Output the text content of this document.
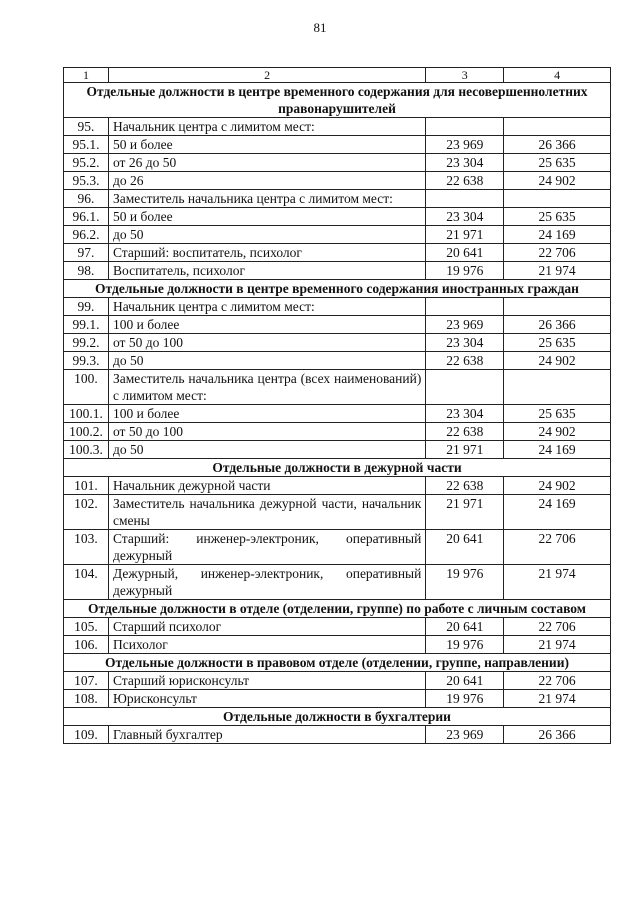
81
1	2	3	4
Отдельные должности в центре временного содержания для несовершеннолетних правонарушителей			
95.	Начальник центра с лимитом мест:		
95.1.	50 и более	23 969	26 366
95.2.	от 26 до 50	23 304	25 635
95.3.	до 26	22 638	24 902
96.	Заместитель начальника центра с лимитом мест:		
96.1.	50 и более	23 304	25 635
96.2.	до 50	21 971	24 169
97.	Старший: воспитатель, психолог	20 641	22 706
98.	Воспитатель, психолог	19 976	21 974
Отдельные должности в центре временного содержания иностранных граждан			
99.	Начальник центра с лимитом мест:		
99.1.	100 и более	23 969	26 366
99.2.	от 50 до 100	23 304	25 635
99.3.	до 50	22 638	24 902
100.	Заместитель начальника центра (всех наименований) с лимитом мест:		
100.1.	100 и более	23 304	25 635
100.2.	от 50 до 100	22 638	24 902
100.3.	до 50	21 971	24 169
Отдельные должности в дежурной части			
101.	Начальник дежурной части	22 638	24 902
102.	Заместитель начальника дежурной части, начальник смены	21 971	24 169
103.	Старший: инженер-электроник, оперативный дежурный	20 641	22 706
104.	Дежурный, инженер-электроник, оперативный дежурный	19 976	21 974
Отдельные должности в отделе (отделении, группе) по работе с личным составом			
105.	Старший психолог	20 641	22 706
106.	Психолог	19 976	21 974
Отдельные должности в правовом отделе (отделении, группе, направлении)			
107.	Старший юрисконсульт	20 641	22 706
108.	Юрисконсульт	19 976	21 974
Отдельные должности в бухгалтерии			
109.	Главный бухгалтер	23 969	26 366
